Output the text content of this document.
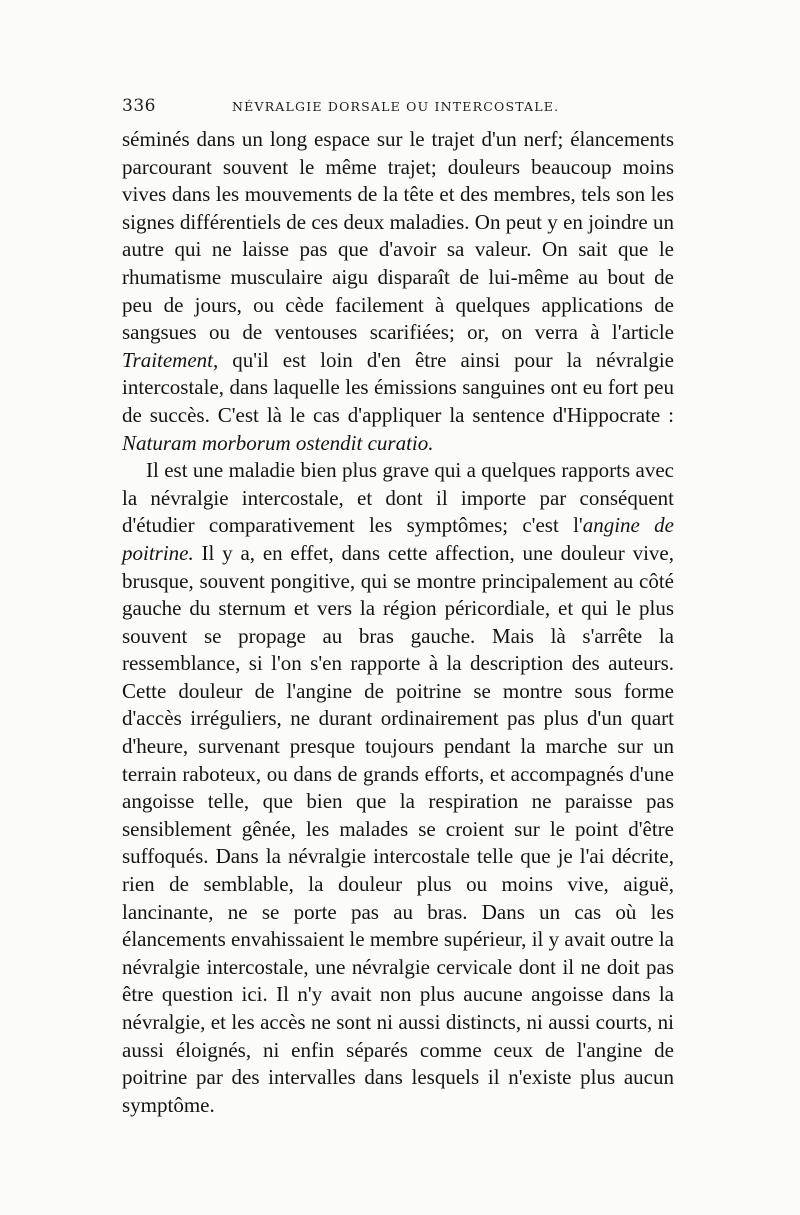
336	NÉVRALGIE DORSALE OU INTERCOSTALE.

séminés dans un long espace sur le trajet d'un nerf; élancements parcourant souvent le même trajet; douleurs beaucoup moins vives dans les mouvements de la tête et des membres, tels son les signes différentiels de ces deux maladies. On peut y en joindre un autre qui ne laisse pas que d'avoir sa valeur. On sait que le rhumatisme musculaire aigu disparaît de lui-même au bout de peu de jours, ou cède facilement à quelques applications de sangsues ou de ventouses scarifiées; or, on verra à l'article Traitement, qu'il est loin d'en être ainsi pour la névralgie intercostale, dans laquelle les émissions sanguines ont eu fort peu de succès. C'est là le cas d'appliquer la sentence d'Hippocrate : Naturam morborum ostendit curatio.

Il est une maladie bien plus grave qui a quelques rapports avec la névralgie intercostale, et dont il importe par conséquent d'étudier comparativement les symptômes; c'est l'angine de poitrine. Il y a, en effet, dans cette affection, une douleur vive, brusque, souvent pongitive, qui se montre principalement au côté gauche du sternum et vers la région péricordiale, et qui le plus souvent se propage au bras gauche. Mais là s'arrête la ressemblance, si l'on s'en rapporte à la description des auteurs. Cette douleur de l'angine de poitrine se montre sous forme d'accès irréguliers, ne durant ordinairement pas plus d'un quart d'heure, survenant presque toujours pendant la marche sur un terrain raboteux, ou dans de grands efforts, et accompagnés d'une angoisse telle, que bien que la respiration ne paraisse pas sensiblement gênée, les malades se croient sur le point d'être suffoqués. Dans la névralgie intercostale telle que je l'ai décrite, rien de semblable, la douleur plus ou moins vive, aiguë, lancinante, ne se porte pas au bras. Dans un cas où les élancements envahissaient le membre supérieur, il y avait outre la névralgie intercostale, une névralgie cervicale dont il ne doit pas être question ici. Il n'y avait non plus aucune angoisse dans la névralgie, et les accès ne sont ni aussi distincts, ni aussi courts, ni aussi éloignés, ni enfin séparés comme ceux de l'angine de poitrine par des intervalles dans lesquels il n'existe plus aucun symptôme.
